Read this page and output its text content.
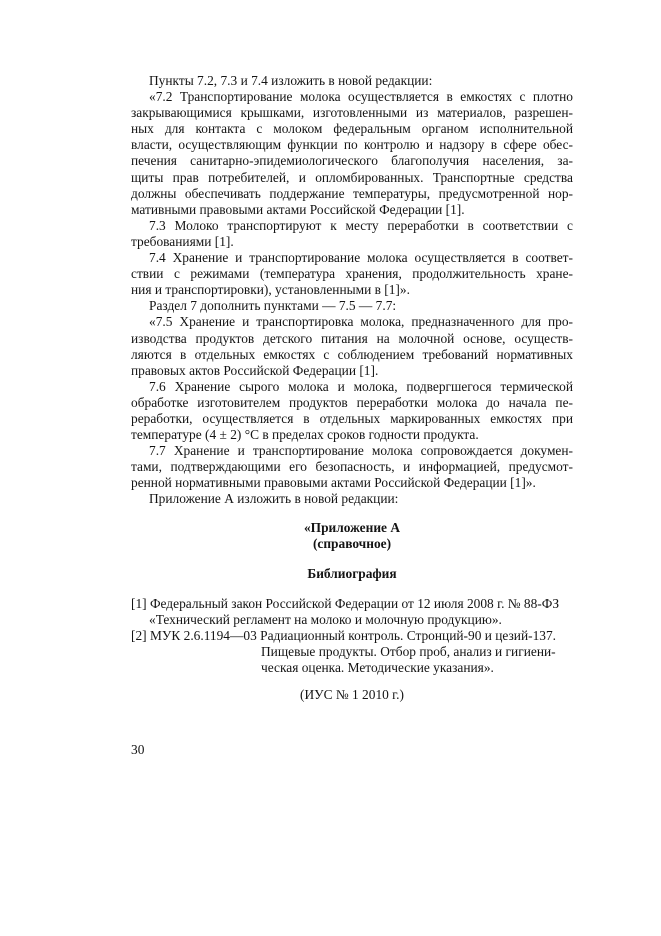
Пункты 7.2, 7.3 и 7.4 изложить в новой редакции:
«7.2 Транспортирование молока осуществляется в емкостях с плотно
закрывающимися крышками, изготовленными из материалов, разрешен-
ных для контакта с молоком федеральным органом исполнительной
власти, осуществляющим функции по контролю и надзору в сфере обес-
печения санитарно-эпидемиологического благополучия населения, за-
щиты прав потребителей, и опломбированных. Транспортные средства
должны обеспечивать поддержание температуры, предусмотренной нор-
мативными правовыми актами Российской Федерации [1].
7.3 Молоко транспортируют к месту переработки в соответствии с
требованиями [1].
7.4 Хранение и транспортирование молока осуществляется в соответ-
ствии с режимами (температура хранения, продолжительность хране-
ния и транспортировки), установленными в [1]».
Раздел 7 дополнить пунктами — 7.5 — 7.7:
«7.5 Хранение и транспортировка молока, предназначенного для про-
изводства продуктов детского питания на молочной основе, осуществ-
ляются в отдельных емкостях с соблюдением требований нормативных
правовых актов Российской Федерации [1].
7.6 Хранение сырого молока и молока, подвергшегося термической
обработке изготовителем продуктов переработки молока до начала пе-
реработки, осуществляется в отдельных маркированных емкостях при
температуре (4 ± 2) °С в пределах сроков годности продукта.
7.7 Хранение и транспортирование молока сопровождается докумен-
тами, подтверждающими его безопасность, и информацией, предусмот-
ренной нормативными правовыми актами Российской Федерации [1]».
Приложение А изложить в новой редакции:
«Приложение А
(справочное)
Библиография
[1] Федеральный закон Российской Федерации от 12 июля 2008 г. № 88-ФЗ
«Технический регламент на молоко и молочную продукцию».
[2] МУК 2.6.1194—03 Радиационный контроль. Стронций-90 и цезий-137.
Пищевые продукты. Отбор проб, анализ и гигиени-
ческая оценка. Методические указания».
(ИУС № 1 2010 г.)
30
